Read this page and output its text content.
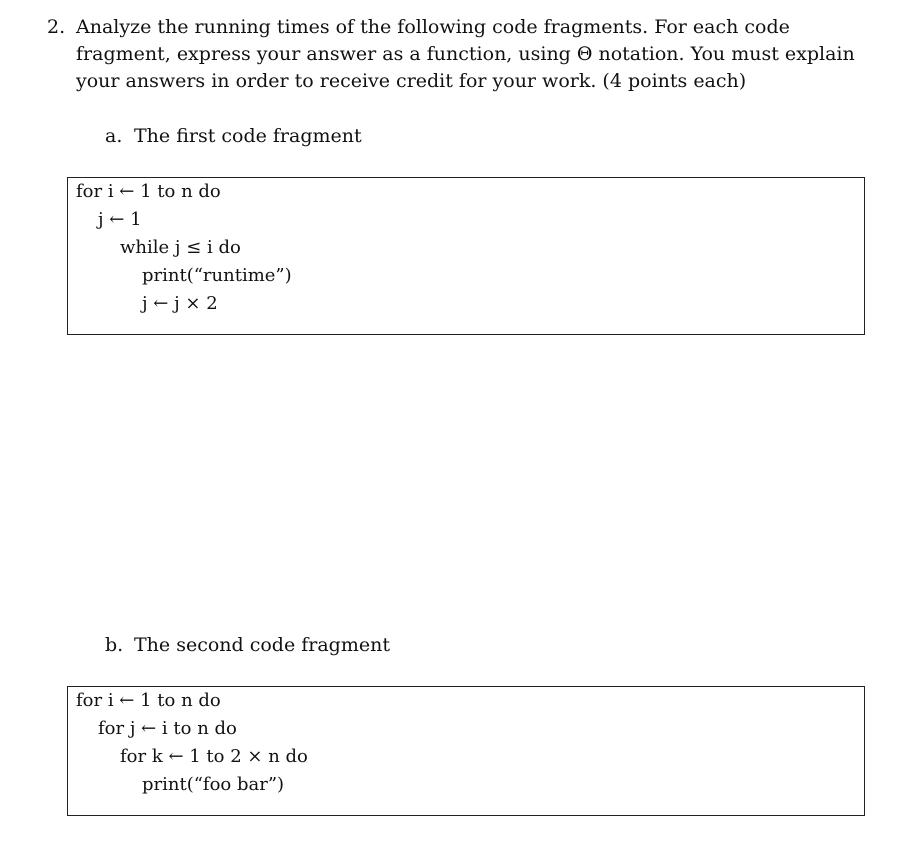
2. Analyze the running times of the following code fragments. For each code fragment, express your answer as a function, using Θ notation. You must explain your answers in order to receive credit for your work. (4 points each)
a. The first code fragment
for i ← 1 to n do
j ← 1
while j ≤ i do
print(“runtime”)
j ← j × 2
b. The second code fragment
for i ← 1 to n do
for j ← i to n do
for k ← 1 to 2 × n do
print(“foo bar”)
